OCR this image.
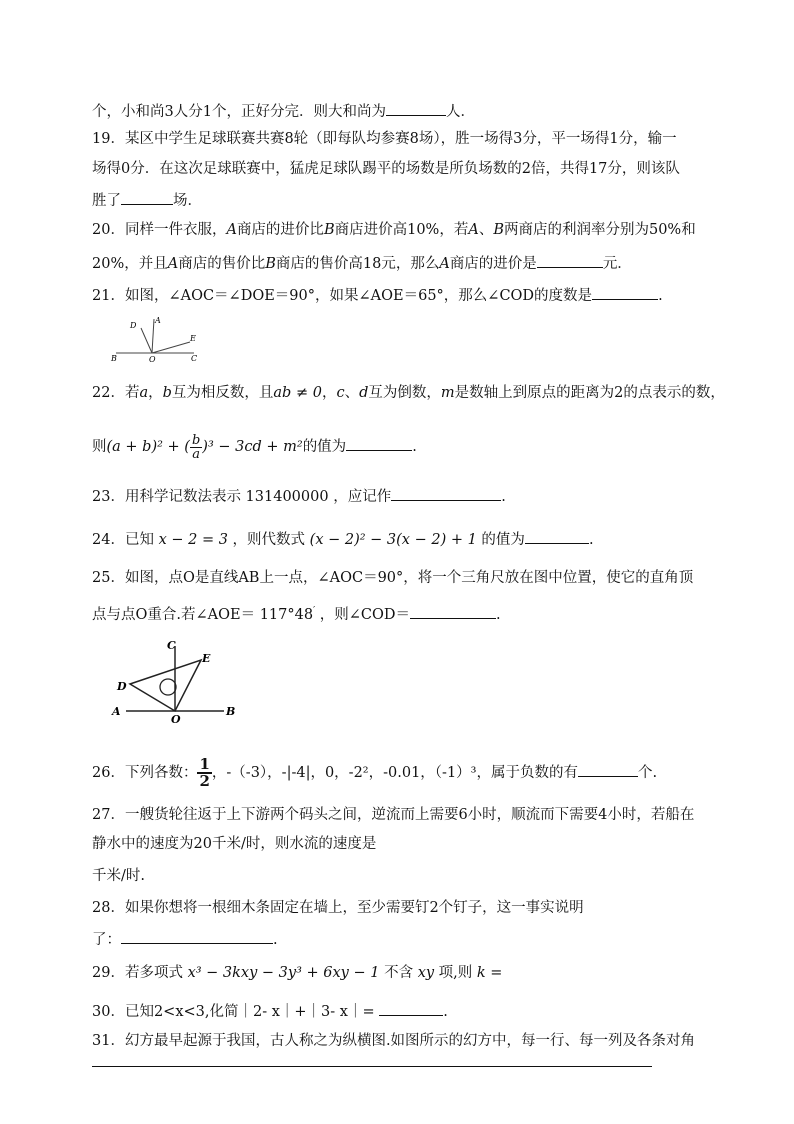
个，小和尚3人分1个，正好分完．则大和尚为	人．
19．某区中学生足球联赛共赛8轮（即每队均参赛8场），胜一场得3分，平一场得1分，输一
场得0分．在这次足球联赛中，猛虎足球队踢平的场数是所负场数的2倍，共得17分，则该队
胜了	场．
20．同样一件衣服，A商店的进价比B商店进价高10%，若A、B两商店的利润率分别为50%和
20%，并且A商店的售价比B商店的售价高18元，那么A商店的进价是	元．
21．如图，∠AOC＝∠DOE＝90°，如果∠AOE＝65°，那么∠COD的度数是	.
D
A
E
B	O	C
22．若a，b互为相反数，且ab ≠ 0，c、d互为倒数，m是数轴上到原点的距离为2的点表示的数，
则(a + b)² + ( $\frac{b}{a} )^3 - 3cd + m^2$的值为	.
23．用科学记数法表示 131400000 ，应记作	.
24．已知 x − 2 = 3 ，则代数式 (x − 2)² − 3(x − 2) + 1 的值为	.
25．如图，点O是直线AB上一点，∠AOC＝90°，将一个三角尺放在图中位置，使它的直角顶
点与点O重合.若∠AOE＝ 117°48′ ，则∠COD＝	.
C
E
D
A
O
B
26．下列各数： $\frac{1}{2}$ ，-（-3），-|-4|，0，-2²，-0.01，（-1）³，属于负数的有	个.
27．一艘货轮往返于上下游两个码头之间，逆流而上需要6小时，顺流而下需要4小时，若船在
静水中的速度为20千米/时，则水流的速度是
千米/时.
28．如果你想将一根细木条固定在墙上，至少需要钉2个钉子，这一事实说明
了：	.
29．若多项式 x³ − 3kxy − 3y³ + 6xy − 1 不含 xy 项,则 k =
30．已知2<x<3,化简｜2- x｜+｜3- x｜=	.
31．幻方最早起源于我国，古人称之为纵横图.如图所示的幻方中，每一行、每一列及各条对角
